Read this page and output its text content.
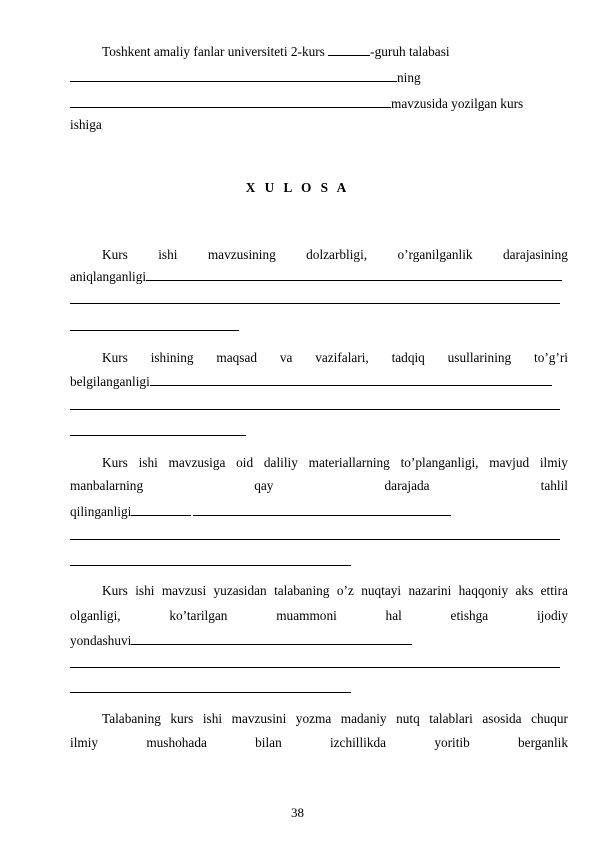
Toshkent amaliy fanlar universiteti 2-kurs	-guruh talabasi
ning
mavzusida yozilgan kurs
ishiga
X U L O S A
Kurs ishi mavzusining dolzarbligi, o’rganilganlik darajasining
aniqlanganligi
Kurs ishining maqsad va vazifalari, tadqiq usullarining to’g’ri
belgilanganligi
Kurs ishi mavzusiga oid daliliy materiallarning to’planganligi, mavjud ilmiy
manbalarning	qay	darajada	tahlil
qilinganligi
Kurs ishi mavzusi yuzasidan talabaning o’z nuqtayi nazarini haqqoniy aks ettira
olganligi,	ko’tarilgan	muammoni	hal	etishga	ijodiy
yondashuvi
Talabaning kurs ishi mavzusini yozma madaniy nutq talablari asosida chuqur
ilmiy	mushohada	bilan	izchillikda	yoritib	berganlik
38
